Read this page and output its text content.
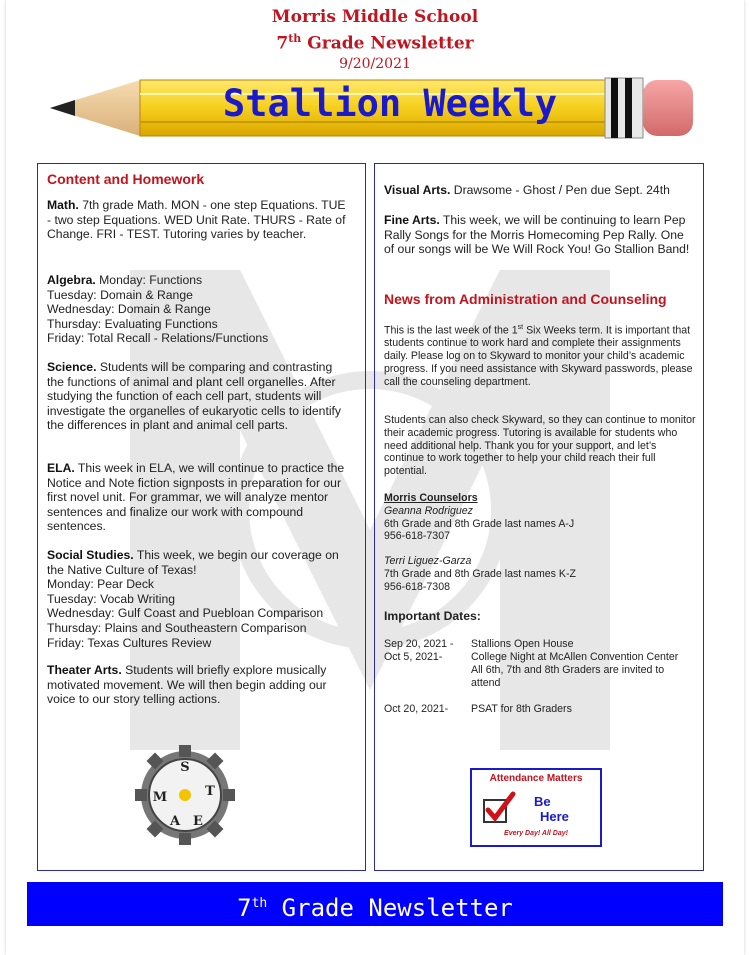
Morris Middle School
7th Grade Newsletter
9/20/2021
Stallion Weekly
Content and Homework
Math. 7th grade Math. MON - one step Equations. TUE - two step Equations. WED Unit Rate. THURS - Rate of Change. FRI - TEST. Tutoring varies by teacher.
Algebra. Monday: Functions
Tuesday: Domain & Range
Wednesday: Domain & Range
Thursday: Evaluating Functions
Friday: Total Recall - Relations/Functions
Science. Students will be comparing and contrasting the functions of animal and plant cell organelles. After studying the function of each cell part, students will investigate the organelles of eukaryotic cells to identify the differences in plant and animal cell parts.
ELA. This week in ELA, we will continue to practice the Notice and Note fiction signposts in preparation for our first novel unit. For grammar, we will analyze mentor sentences and finalize our work with compound sentences.
Social Studies. This week, we begin our coverage on the Native Culture of Texas!
Monday: Pear Deck
Tuesday: Vocab Writing
Wednesday: Gulf Coast and Puebloan Comparison
Thursday: Plains and Southeastern Comparison
Friday: Texas Cultures Review
Theater Arts. Students will briefly explore musically motivated movement. We will then begin adding our voice to our story telling actions.
S
T
M
E
A
Visual Arts. Drawsome - Ghost / Pen due Sept. 24th
Fine Arts. This week, we will be continuing to learn Pep Rally Songs for the Morris Homecoming Pep Rally. One of our songs will be We Will Rock You! Go Stallion Band!
News from Administration and Counseling
This is the last week of the 1st Six Weeks term. It is important that students continue to work hard and complete their assignments daily. Please log on to Skyward to monitor your child’s academic progress. If you need assistance with Skyward passwords, please call the counseling department.
Students can also check Skyward, so they can continue to monitor their academic progress. Tutoring is available for students who need additional help. Thank you for your support, and let’s continue to work together to help your child reach their full potential.
Morris Counselors
Geanna Rodriguez
6th Grade and 8th Grade last names A-J
956-618-7307
Terri Liguez-Garza
7th Grade and 8th Grade last names K-Z
956-618-7308
Important Dates:
Sep 20, 2021 - Stallions Open House
Oct 5, 2021-	College Night at McAllen Convention Center
All 6th, 7th and 8th Graders are invited to
attend
Oct 20, 2021- PSAT for 8th Graders
Attendance Matters
Be
Here
Every Day! All Day!
7th Grade Newsletter
